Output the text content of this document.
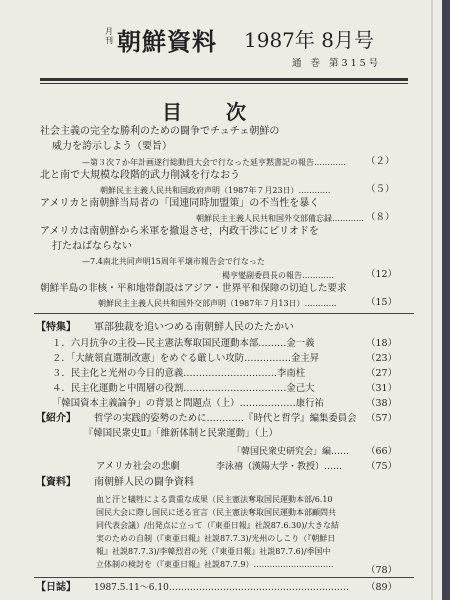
月刊 朝鮮資料 1987年 8月号
通 巻 第315号
目次
社会主義の完全な勝利のための闘争でチュチェ朝鮮の
威力を誇示しよう（要旨）
—第３次７か年計画遂行総動員大会で行なった延亨黙書記の報告………… （２）
北と南で大規模な段階的武力削減を行なおう
朝鮮民主主義人民共和国政府声明（1987年７月23日）…………	（５）
アメリカと南朝鮮当局者の「国連同時加盟策」の不当性を暴く
朝鮮民主主義人民共和国外交部備忘録………… （８）
アメリカは南朝鮮から米軍を撤退させ，内政干渉にピリオドを
打たねばならない
—7.4南北共同声明15周年平壌市報告会で行なった
楊亨燮副委員長の報告…………	（12）
朝鮮半島の非核・平和地帯創設はアジア・世界平和保障の切迫した要求
朝鮮民主主義人民共和国外交部声明（1987年７月13日）…………	（15）
【特集】 軍部独裁を追いつめる南朝鮮人民のたたかい
１．六月抗争の主役—民主憲法奪取国民運動本部………金一義	（18）
２．「大統領直選制改憲」をめぐる厳しい攻防……………金主昇	（23）
３．民主化と光州の今日的意義…………………………李南柱	（27）
４．民主化運動と中間層の役割……………………………金己大	（31）
「韓国資本主義論争」の背景と問題点（上）………………康行祐	（38）
【紹介】 哲学の実践的姿勢のために…………『時代と哲学』編集委員会 （57）
『韓国民衆史Ⅱ』「維新体制と民衆運動」（上）
「韓国民衆史研究会」編…… （66）
アメリカ社会の悲劇	李泳禧（漢陽大学・教授）……	（75）
【資料】 南朝鮮人民の闘争資料
血と汗と犠牲による貴重な成果（民主憲法奪取国民運動本部/6.10
国民大会に際し国民に送る宣言（民主憲法奪取国民運動本部顧問共
同代表会議）/出発点に立って（『東亜日報』社説87.6.30)/大きな結
実のための自制（『東亜日報』社説87.7.3)/光州のしこり（『朝鮮日
報』社説87.7.3)/李韓烈君の死（『東亜日報』社説87.7.6)/季国中
立体制の検討を（『東亜日報』社説87.7.9）…………………………
（78）
【日誌】 1987.5.11～6.10…………………………………………………… （89）
